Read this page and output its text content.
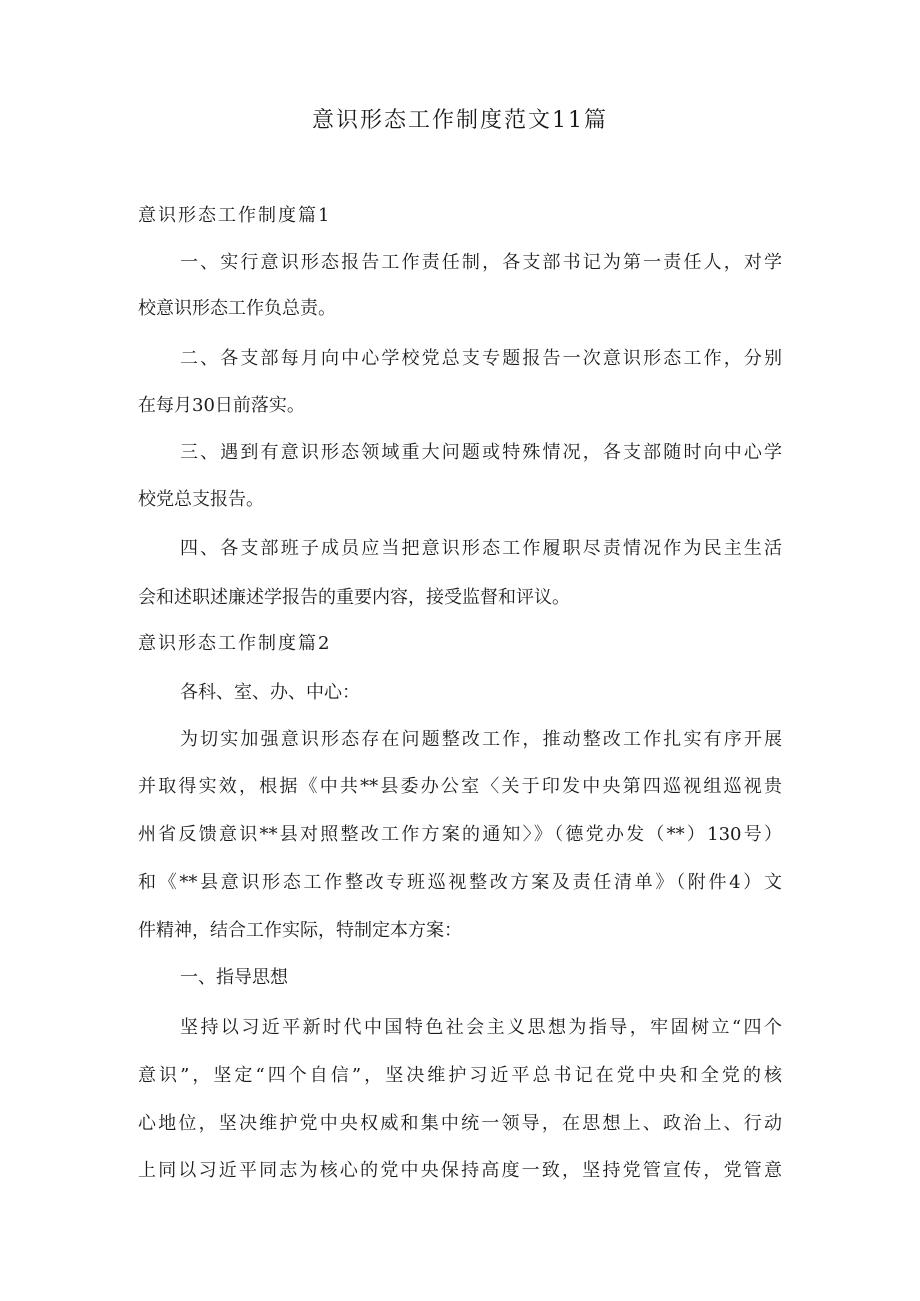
意识形态工作制度范文11篇
意识形态工作制度篇1
一、实行意识形态报告工作责任制，各支部书记为第一责任人，对学
校意识形态工作负总责。
二、各支部每月向中心学校党总支专题报告一次意识形态工作，分别
在每月30日前落实。
三、遇到有意识形态领域重大问题或特殊情况，各支部随时向中心学
校党总支报告。
四、各支部班子成员应当把意识形态工作履职尽责情况作为民主生活
会和述职述廉述学报告的重要内容，接受监督和评议。
意识形态工作制度篇2
各科、室、办、中心：
为切实加强意识形态存在问题整改工作，推动整改工作扎实有序开展
并取得实效，根据《中共**县委办公室〈关于印发中央第四巡视组巡视贵
州省反馈意识**县对照整改工作方案的通知〉》（德党办发（**）130号）
和《**县意识形态工作整改专班巡视整改方案及责任清单》（附件4）文
件精神，结合工作实际，特制定本方案：
一、指导思想
坚持以习近平新时代中国特色社会主义思想为指导，牢固树立“四个
意识”，坚定“四个自信”，坚决维护习近平总书记在党中央和全党的核
心地位，坚决维护党中央权威和集中统一领导，在思想上、政治上、行动
上同以习近平同志为核心的党中央保持高度一致，坚持党管宣传，党管意
